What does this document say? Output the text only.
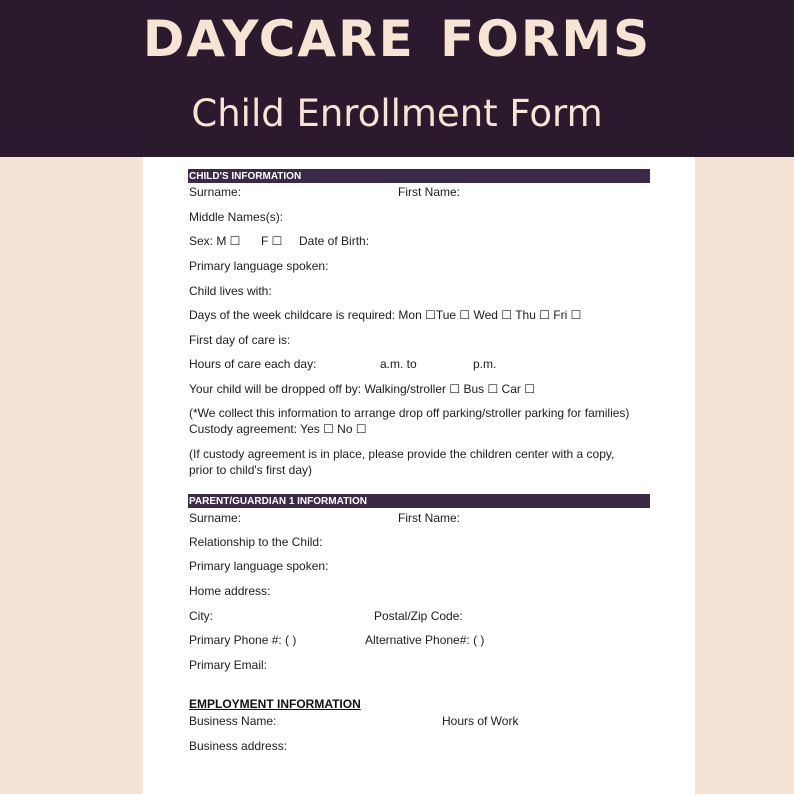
DAYCARE FORMS
Child Enrollment Form
CHILD'S INFORMATION
Surname:	First Name:
Middle Names(s):
Sex: M ☐ F ☐ Date of Birth:
Primary language spoken:
Child lives with:
Days of the week childcare is required: Mon ☐Tue ☐ Wed ☐ Thu ☐ Fri ☐
First day of care is:
Hours of care each day:	a.m. to	p.m.
Your child will be dropped off by: Walking/stroller ☐ Bus ☐ Car ☐
(*We collect this information to arrange drop off parking/stroller parking for families)
Custody agreement: Yes ☐ No ☐
(If custody agreement is in place, please provide the children center with a copy,
prior to child's first day)
PARENT/GUARDIAN 1 INFORMATION
Surname:	First Name:
Relationship to the Child:
Primary language spoken:
Home address:
City:	Postal/Zip Code:
Primary Phone #: ( )	Alternative Phone#: ( )
Primary Email:
EMPLOYMENT INFORMATION
Business Name:	Hours of Work
Business address:
